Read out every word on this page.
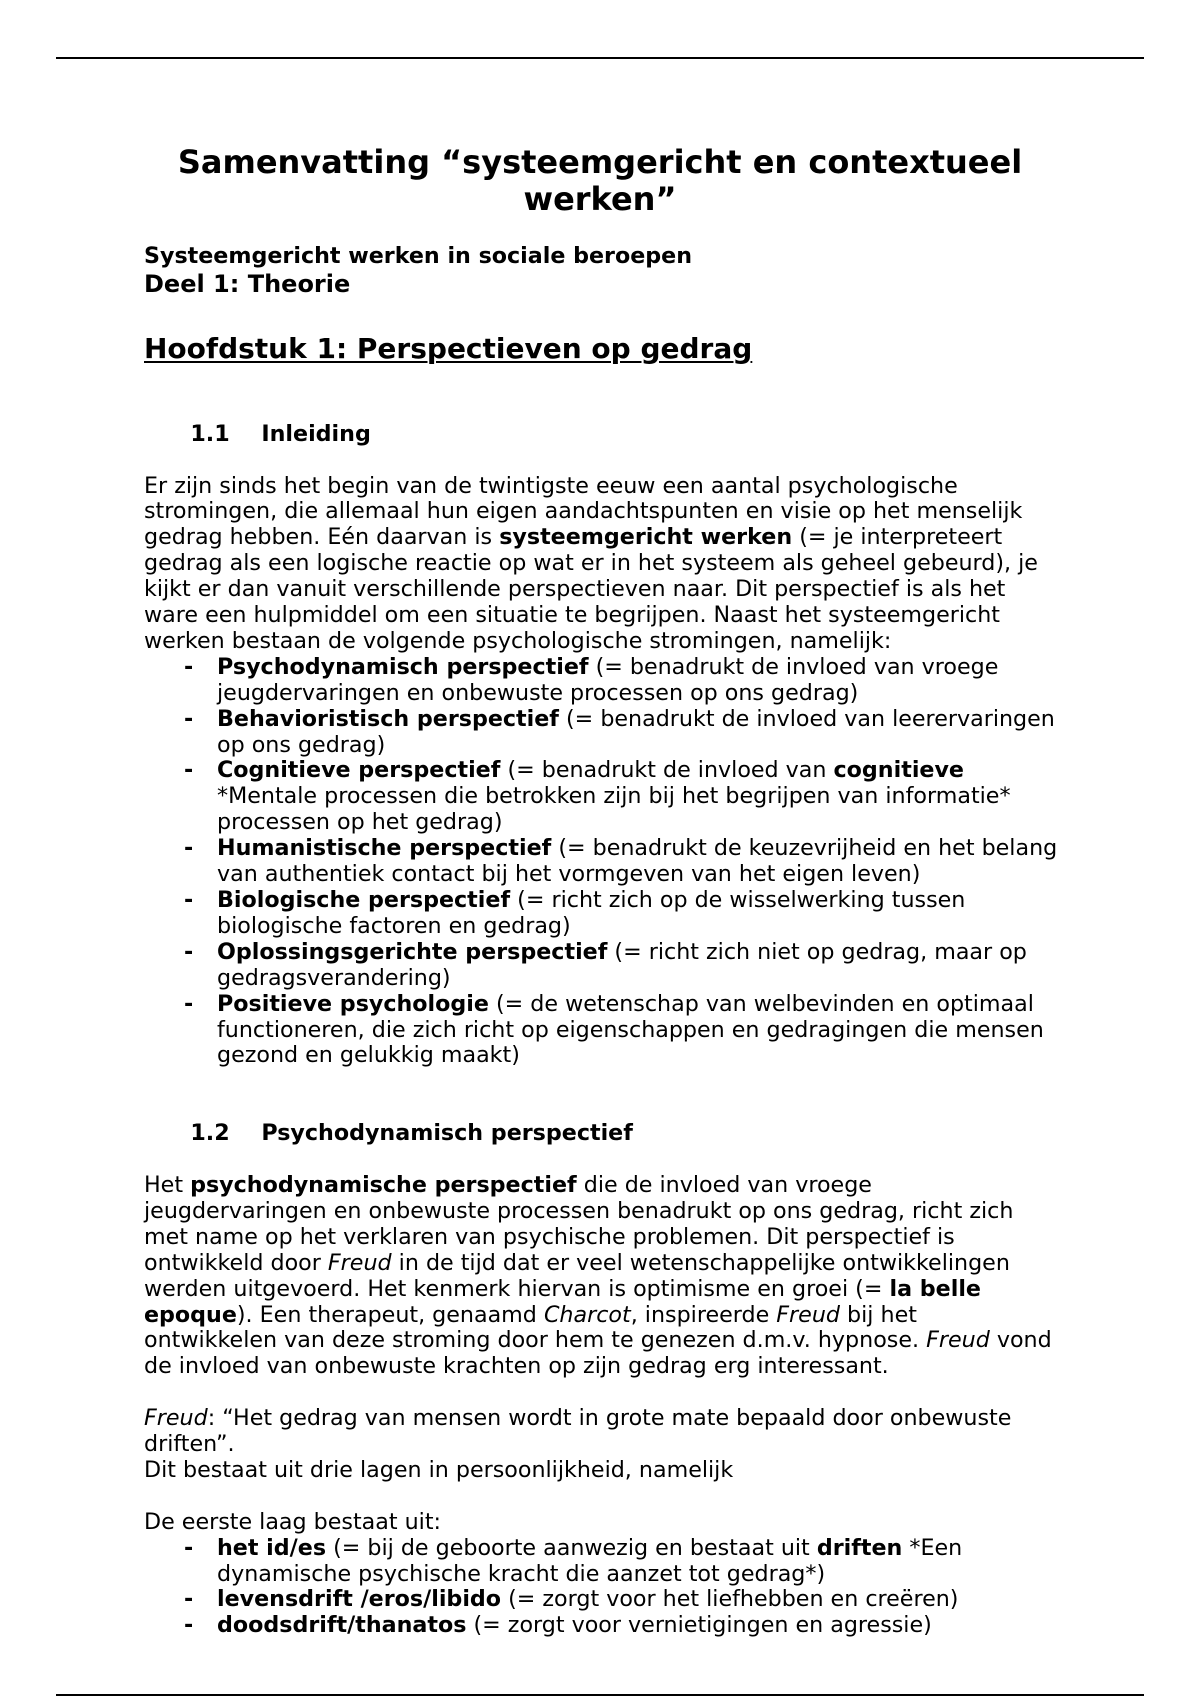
Samenvatting “systeemgericht en contextueel
werken”
Systeemgericht werken in sociale beroepen
Deel 1: Theorie
Hoofdstuk 1: Perspectieven op gedrag

1.1 Inleiding

Er zijn sinds het begin van de twintigste eeuw een aantal psychologische
stromingen, die allemaal hun eigen aandachtspunten en visie op het menselijk
gedrag hebben. Eén daarvan is systeemgericht werken (= je interpreteert
gedrag als een logische reactie op wat er in het systeem als geheel gebeurd), je
kijkt er dan vanuit verschillende perspectieven naar. Dit perspectief is als het
ware een hulpmiddel om een situatie te begrijpen. Naast het systeemgericht
werken bestaan de volgende psychologische stromingen, namelijk:
- Psychodynamisch perspectief (= benadrukt de invloed van vroege
jeugdervaringen en onbewuste processen op ons gedrag)
- Behavioristisch perspectief (= benadrukt de invloed van leerervaringen
op ons gedrag)
- Cognitieve perspectief (= benadrukt de invloed van cognitieve
*Mentale processen die betrokken zijn bij het begrijpen van informatie*
processen op het gedrag)
- Humanistische perspectief (= benadrukt de keuzevrijheid en het belang
van authentiek contact bij het vormgeven van het eigen leven)
- Biologische perspectief (= richt zich op de wisselwerking tussen
biologische factoren en gedrag)
- Oplossingsgerichte perspectief (= richt zich niet op gedrag, maar op
gedragsverandering)
- Positieve psychologie (= de wetenschap van welbevinden en optimaal
functioneren, die zich richt op eigenschappen en gedragingen die mensen
gezond en gelukkig maakt)

1.2 Psychodynamisch perspectief

Het psychodynamische perspectief die de invloed van vroege
jeugdervaringen en onbewuste processen benadrukt op ons gedrag, richt zich
met name op het verklaren van psychische problemen. Dit perspectief is
ontwikkeld door Freud in de tijd dat er veel wetenschappelijke ontwikkelingen
werden uitgevoerd. Het kenmerk hiervan is optimisme en groei (= la belle
epoque). Een therapeut, genaamd Charcot, inspireerde Freud bij het
ontwikkelen van deze stroming door hem te genezen d.m.v. hypnose. Freud vond
de invloed van onbewuste krachten op zijn gedrag erg interessant.
Freud: “Het gedrag van mensen wordt in grote mate bepaald door onbewuste
driften”.
Dit bestaat uit drie lagen in persoonlijkheid, namelijk
De eerste laag bestaat uit:
- het id/es (= bij de geboorte aanwezig en bestaat uit driften *Een
dynamische psychische kracht die aanzet tot gedrag*)
- levensdrift /eros/libido (= zorgt voor het liefhebben en creëren)
- doodsdrift/thanatos (= zorgt voor vernietigingen en agressie)
